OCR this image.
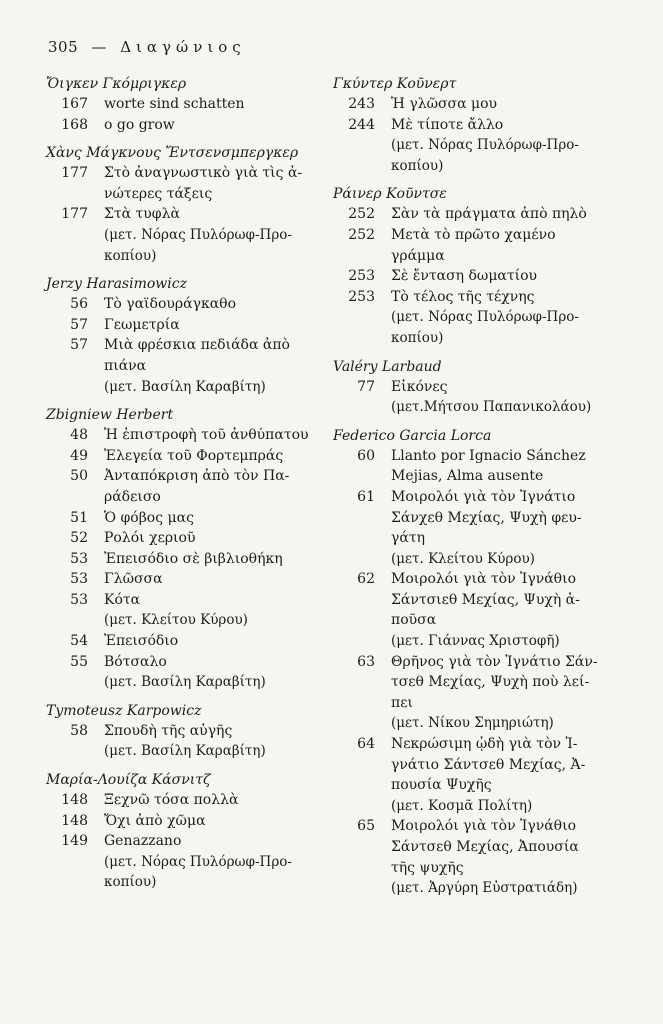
305 — Διαγώνιος
Ὄιγκεν Γκόμριγκερ
167 worte sind schatten
168 o go grow
Χὰνς Μάγκνους Ἔντσενσμπεργκερ
177 Στὸ ἀναγνωστικὸ γιὰ τὶς ἀ-
νώτερες τάξεις
177 Στὰ τυφλὰ
(μετ. Νόρας Πυλόρωφ-Προ-
κοπίου)
Jerzy Harasimowicz
56 Τὸ γαϊδουράγκαθο
57 Γεωμετρία
57 Μιὰ φρέσκια πεδιάδα ἀπὸ
πιάνα
(μετ. Βασίλη Καραβίτη)
Zbigniew Herbert
48 Ἡ ἐπιστροφὴ τοῦ ἀνθύπατου
49 Ἐλεγεία τοῦ Φορτεμπράς
50 Ἀνταπόκριση ἀπὸ τὸν Πα-
ράδεισο
51 Ὁ φόβος μας
52 Ρολόι χεριοῦ
53 Ἐπεισόδιο σὲ βιβλιοθήκη
53 Γλῶσσα
53 Κότα
(μετ. Κλείτου Κύρου)
54 Ἐπεισόδιο
55 Βότσαλο
(μετ. Βασίλη Καραβίτη)
Tymoteusz Karpowicz
58 Σπουδὴ τῆς αὐγῆς
(μετ. Βασίλη Καραβίτη)
Μαρία-Λουίζα Κάσνιτζ
148 Ξεχνῶ τόσα πολλὰ
148 Ὄχι ἀπὸ χῶμα
149 Genazzano
(μετ. Νόρας Πυλόρωφ-Προ-
κοπίου)
Γκύντερ Κοῦνερτ
243 Ἡ γλῶσσα μου
244 Μὲ τίποτε ἄλλο
(μετ. Νόρας Πυλόρωφ-Προ-
κοπίου)
Ράινερ Κοῦντσε
252 Σὰν τὰ πράγματα ἀπὸ πηλὸ
252 Μετὰ τὸ πρῶτο χαμένο
γράμμα
253 Σὲ ἔνταση δωματίου
253 Τὸ τέλος τῆς τέχνης
(μετ. Νόρας Πυλόρωφ-Προ-
κοπίου)
Valéry Larbaud
77 Εἰκόνες
(μετ.Μήτσου Παπανικολάου)
Federico Garcia Lorca
60 Llanto por Ignacio Sánchez
Mejias, Alma ausente
61 Μοιρολόι γιὰ τὸν Ἰγνάτιο
Σάνχεθ Μεχίας, Ψυχὴ φευ-
γάτη
(μετ. Κλείτου Κύρου)
62 Μοιρολόι γιὰ τὸν Ἰγνάθιο
Σάντσιεθ Μεχίας, Ψυχὴ ἀ-
ποῦσα
(μετ. Γιάννας Χριστοφῆ)
63 Θρῆνος γιὰ τὸν Ἰγνάτιο Σάν-
τσεθ Μεχίας, Ψυχὴ ποὺ λεί-
πει
(μετ. Νίκου Σημηριώτη)
64 Νεκρώσιμη ᾠδὴ γιὰ τὸν Ἰ-
γνάτιο Σάντσεθ Μεχίας, Ἀ-
πουσία Ψυχῆς
(μετ. Κοσμᾶ Πολίτη)
65 Μοιρολόι γιὰ τὸν Ἰγνάθιο
Σάντσεθ Μεχίας, Ἀπουσία
τῆς ψυχῆς
(μετ. Ἀργύρη Εὐστρατιάδη)
